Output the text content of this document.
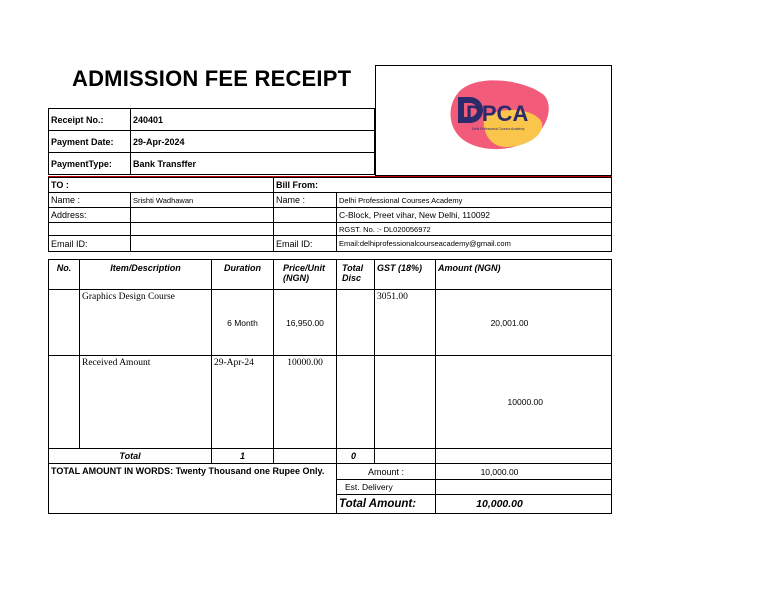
ADMISSION FEE RECEIPT
DPCA
Delhi Professional Courses Academy
Receipt No.:	240401
Payment Date:	29-Apr-2024
PaymentType:	Bank Transffer
TO :		Bill From:	
Name :	Srishti Wadhawan	Name :	Delhi Professional Courses Academy
Address:			C-Block, Preet vihar, New Delhi, 110092
			RGST. No. :- DL020056972
Email ID:		Email ID:	Email:delhiprofessionalcourseacademy@gmail.com
No.	Item/Description	Duration	Price/Unit (NGN)	Total Disc	GST (18%)	Amount (NGN)
	Graphics Design Course	6 Month	16,950.00		3051.00	20,001.00
	Received Amount	29-Apr-24	10000.00			10000.00
Total		1		0		
TOTAL AMOUNT IN WORDS: Twenty Thousand one Rupee Only.				Amount :		10,000.00
				Est. Delivery		
				Total Amount:		10,000.00
